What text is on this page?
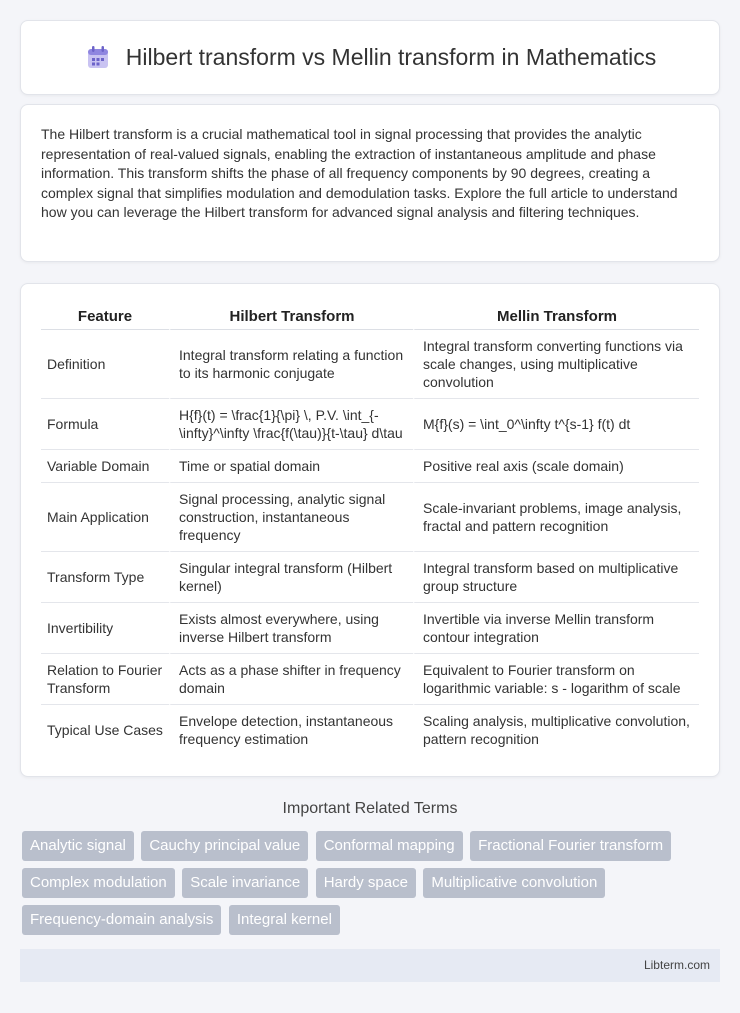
Hilbert transform vs Mellin transform in Mathematics

The Hilbert transform is a crucial mathematical tool in signal processing that provides the analytic representation of real-valued signals, enabling the extraction of instantaneous amplitude and phase information. This transform shifts the phase of all frequency components by 90 degrees, creating a complex signal that simplifies modulation and demodulation tasks. Explore the full article to understand how you can leverage the Hilbert transform for advanced signal analysis and filtering techniques.

Feature	Hilbert Transform	Mellin Transform
Definition	Integral transform relating a function to its harmonic conjugate	Integral transform converting functions via scale changes, using multiplicative convolution
Formula	H{f}(t) = \frac{1}{\pi} \, P.V. \int_{-\infty}^\infty \frac{f(\tau)}{t-\tau} d\tau	M{f}(s) = \int_0^\infty t^{s-1} f(t) dt
Variable Domain	Time or spatial domain	Positive real axis (scale domain)
Main Application	Signal processing, analytic signal construction, instantaneous frequency	Scale-invariant problems, image analysis, fractal and pattern recognition
Transform Type	Singular integral transform (Hilbert kernel)	Integral transform based on multiplicative group structure
Invertibility	Exists almost everywhere, using inverse Hilbert transform	Invertible via inverse Mellin transform contour integration
Relation to Fourier Transform	Acts as a phase shifter in frequency domain	Equivalent to Fourier transform on logarithmic variable: s - logarithm of scale
Typical Use Cases	Envelope detection, instantaneous frequency estimation	Scaling analysis, multiplicative convolution, pattern recognition
Important Related Terms
Analytic signal Cauchy principal value Conformal mapping Fractional Fourier transform Complex modulation Scale invariance Hardy space Multiplicative convolution Frequency-domain analysis Integral kernel
Libterm.com
